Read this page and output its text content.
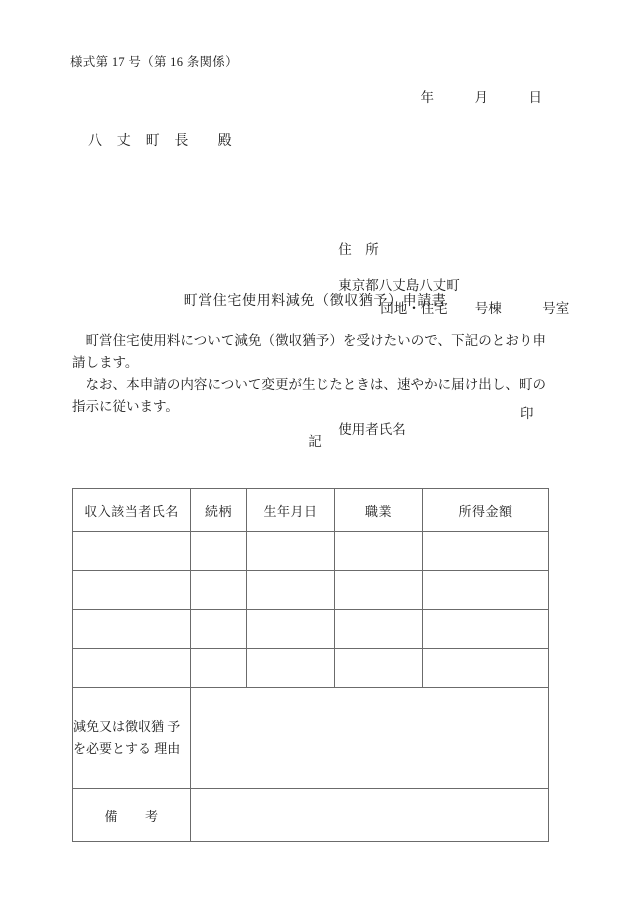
様式第 17 号（第 16 条関係）

年	月	日

八　丈　町　長　　殿

住　所

東京都八丈島八丈町

団地・住宅　　号棟　　　号室

使用者氏名

印

町営住宅使用料減免（徴収猶予）申請書

町営住宅使用料について減免（徴収猶予）を受けたいので、下記のとおり申請します。

なお、本申請の内容について変更が生じたときは、速やかに届け出し、町の指示に従います。

記
収入該当者氏名	続柄	生年月日	職業	所得金額

減免又は徴収猶 予を必要とする 理由				
備　　考				
